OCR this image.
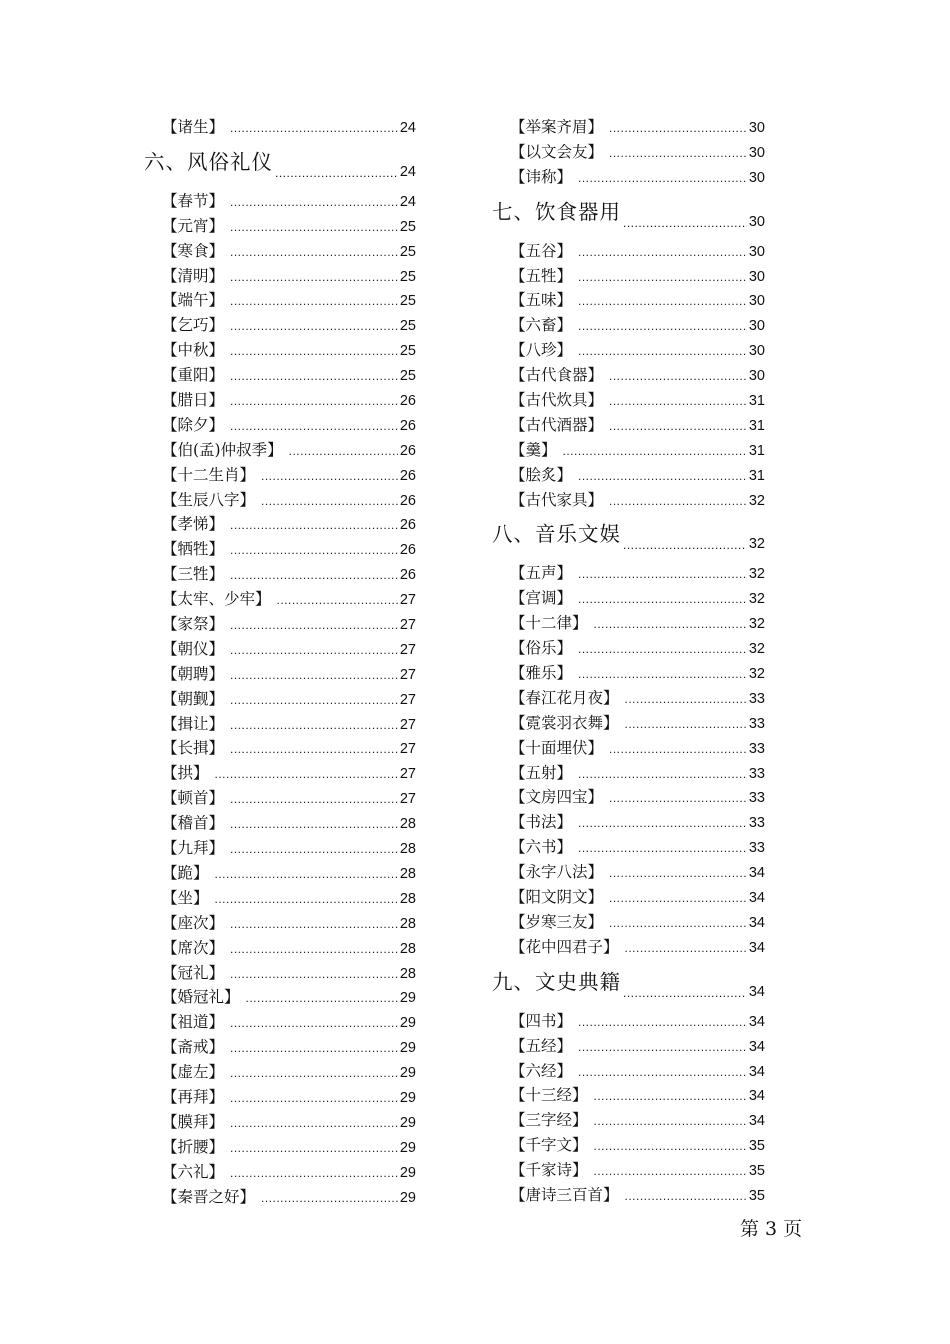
【诸生】 .....	24
六、风俗礼仪 .....	24
【春节】 .....	24
【元宵】 .....	25
【寒食】 .....	25
【清明】 .....	25
【端午】 .....	25
【乞巧】 .....	25
【中秋】 .....	25
【重阳】 .....	25
【腊日】 .....	26
【除夕】 .....	26
【伯(孟)仲叔季】 .....	26
【十二生肖】 .....	26
【生辰八字】 .....	26
【孝悌】 .....	26
【牺牲】 .....	26
【三牲】 .....	26
【太牢、少牢】 .....	27
【家祭】 .....	27
【朝仪】 .....	27
【朝聘】 .....	27
【朝觐】 .....	27
【揖让】 .....	27
【长揖】 .....	27
【拱】 .....	27
【顿首】 .....	27
【稽首】 .....	28
【九拜】 .....	28
【跪】 .....	28
【坐】 .....	28
【座次】 .....	28
【席次】 .....	28
【冠礼】 .....	28
【婚冠礼】 .....	29
【祖道】 .....	29
【斋戒】 .....	29
【虚左】 .....	29
【再拜】 .....	29
【膜拜】 .....	29
【折腰】 .....	29
【六礼】 .....	29
【秦晋之好】 .....	29
【举案齐眉】 .....	30
【以文会友】 .....	30
【讳称】 .....	30
七、饮食器用 .....	30
【五谷】 .....	30
【五牲】 .....	30
【五味】 .....	30
【六畜】 .....	30
【八珍】 .....	30
【古代食器】 .....	30
【古代炊具】 .....	31
【古代酒器】 .....	31
【羹】 .....	31
【脍炙】 .....	31
【古代家具】 .....	32
八、音乐文娱 .....	32
【五声】 .....	32
【宫调】 .....	32
【十二律】 .....	32
【俗乐】 .....	32
【雅乐】 .....	32
【春江花月夜】 .....	33
【霓裳羽衣舞】 .....	33
【十面埋伏】 .....	33
【五射】 .....	33
【文房四宝】 .....	33
【书法】 .....	33
【六书】 .....	33
【永字八法】 .....	34
【阳文阴文】 .....	34
【岁寒三友】 .....	34
【花中四君子】 .....	34
九、文史典籍 .....	34
【四书】 .....	34
【五经】 .....	34
【六经】 .....	34
【十三经】 .....	34
【三字经】 .....	34
【千字文】 .....	35
【千家诗】 .....	35
【唐诗三百首】 .....	35
第 3 页
